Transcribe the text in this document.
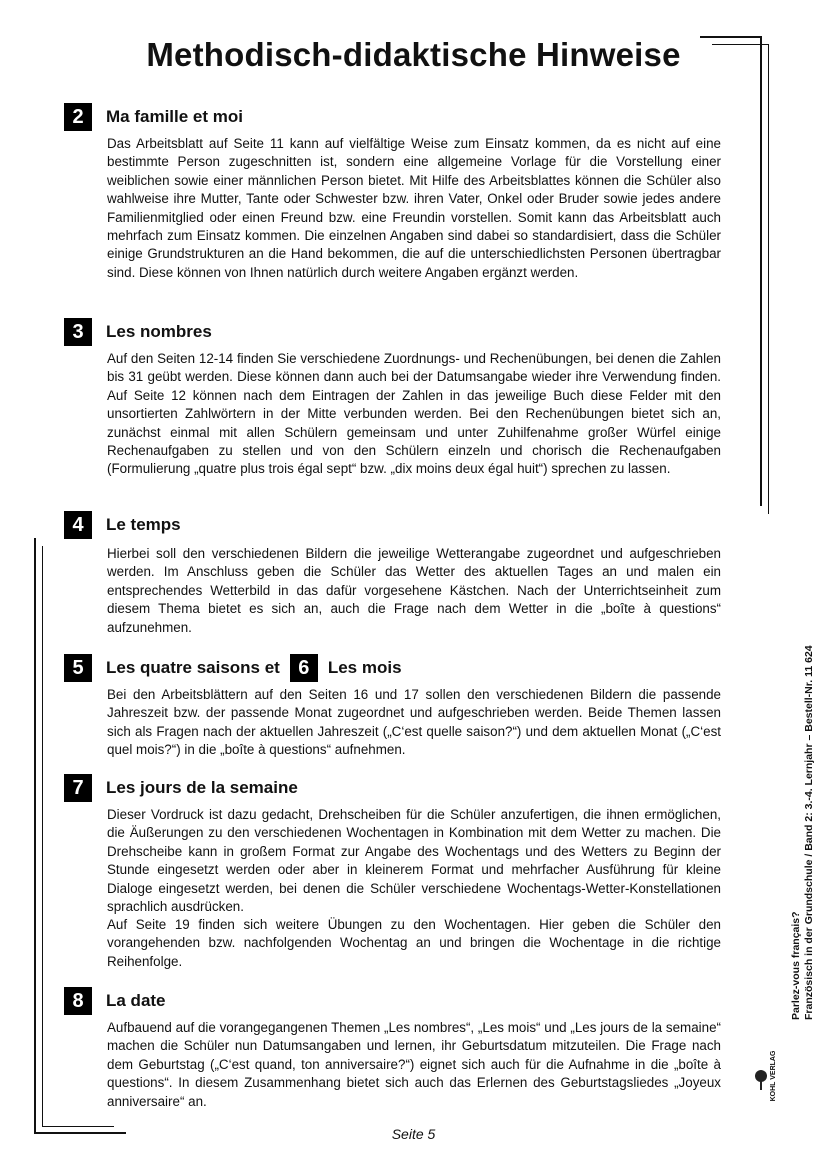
Methodisch-didaktische Hinweise
2	Ma famille et moi

Das Arbeitsblatt auf Seite 11 kann auf vielfältige Weise zum Einsatz kommen, da es nicht auf eine bestimmte Person zugeschnitten ist, sondern eine allgemeine Vorlage für die Vorstellung einer weiblichen sowie einer männlichen Person bietet. Mit Hilfe des Arbeitsblattes können die Schüler also wahlweise ihre Mutter, Tante oder Schwester bzw. ihren Vater, Onkel oder Bruder sowie jedes andere Familienmitglied oder einen Freund bzw. eine Freundin vorstellen. Somit kann das Arbeitsblatt auch mehrfach zum Einsatz kommen. Die einzelnen Angaben sind dabei so standardisiert, dass die Schüler einige Grundstrukturen an die Hand bekommen, die auf die unterschiedlichsten Personen übertragbar sind. Diese können von Ihnen natürlich durch weitere Angaben ergänzt werden.

3	Les nombres

Auf den Seiten 12-14 finden Sie verschiedene Zuordnungs- und Rechenübungen, bei denen die Zahlen bis 31 geübt werden. Diese können dann auch bei der Datumsangabe wieder ihre Verwendung finden. Auf Seite 12 können nach dem Eintragen der Zahlen in das jeweilige Buch diese Felder mit den unsortierten Zahlwörtern in der Mitte verbunden werden. Bei den Rechenübungen bietet sich an, zunächst einmal mit allen Schülern gemeinsam und unter Zuhilfenahme großer Würfel einige Rechenaufgaben zu stellen und von den Schülern einzeln und chorisch die Rechenaufgaben (Formulierung „quatre plus trois égal sept“ bzw. „dix moins deux égal huit“) sprechen zu lassen.

4	Le temps

Hierbei soll den verschiedenen Bildern die jeweilige Wetterangabe zugeordnet und aufgeschrieben werden. Im Anschluss geben die Schüler das Wetter des aktuellen Tages an und malen ein entsprechendes Wetterbild in das dafür vorgesehene Kästchen. Nach der Unterrichtseinheit zum diesem Thema bietet es sich an, auch die Frage nach dem Wetter in die „boîte à questions“ aufzunehmen.

5	Les quatre saisons et 6	Les mois

Bei den Arbeitsblättern auf den Seiten 16 und 17 sollen den verschiedenen Bildern die passende Jahreszeit bzw. der passende Monat zugeordnet und aufgeschrieben werden. Beide Themen lassen sich als Fragen nach der aktuellen Jahreszeit („C‘est quelle saison?“) und dem aktuellen Monat („C‘est quel mois?“) in die „boîte à questions“ aufnehmen.

7	Les jours de la semaine

Dieser Vordruck ist dazu gedacht, Drehscheiben für die Schüler anzufertigen, die ihnen ermöglichen, die Äußerungen zu den verschiedenen Wochentagen in Kombination mit dem Wetter zu machen. Die Drehscheibe kann in großem Format zur Angabe des Wochentags und des Wetters zu Beginn der Stunde eingesetzt werden oder aber in kleinerem Format und mehrfacher Ausführung für kleine Dialoge eingesetzt werden, bei denen die Schüler verschiedene Wochentags-Wetter-Konstellationen sprachlich ausdrücken.

Auf Seite 19 finden sich weitere Übungen zu den Wochentagen. Hier geben die Schüler den vorangehenden bzw. nachfolgenden Wochentag an und bringen die Wochentage in die richtige Reihenfolge.

8	La date

Aufbauend auf die vorangegangenen Themen „Les nombres“, „Les mois“ und „Les jours de la semaine“ machen die Schüler nun Datumsangaben und lernen, ihr Geburtsdatum mitzuteilen. Die Frage nach dem Geburtstag („C‘est quand, ton anniversaire?“) eignet sich auch für die Aufnahme in die „boîte à questions“. In diesem Zusammenhang bietet sich auch das Erlernen des Geburtstagsliedes „Joyeux anniversaire“ an.

Parlez-vous français? Französisch in der Grundschule / Band 2: 3.-4. Lernjahr – Bestell-Nr. 11 624
KOHL VERLAG
Seite 5
